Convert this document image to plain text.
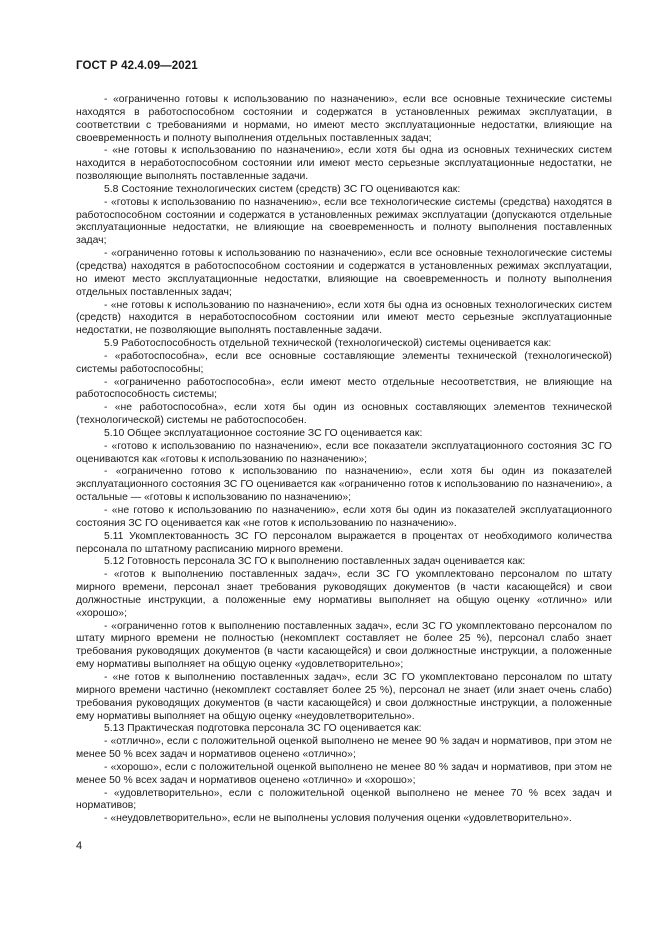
ГОСТ Р 42.4.09—2021

- «ограниченно готовы к использованию по назначению», если все основные технические системы находятся в работоспособном состоянии и содержатся в установленных режимах эксплуатации, в соответствии с требованиями и нормами, но имеют место эксплуатационные недостатки, влияющие на своевременность и полноту выполнения отдельных поставленных задач;

- «не готовы к использованию по назначению», если хотя бы одна из основных технических систем находится в неработоспособном состоянии или имеют место серьезные эксплуатационные недостатки, не позволяющие выполнять поставленные задачи.

5.8 Состояние технологических систем (средств) ЗС ГО оцениваются как:

- «готовы к использованию по назначению», если все технологические системы (средства) находятся в работоспособном состоянии и содержатся в установленных режимах эксплуатации (допускаются отдельные эксплуатационные недостатки, не влияющие на своевременность и полноту выполнения поставленных задач;

- «ограниченно готовы к использованию по назначению», если все основные технологические системы (средства) находятся в работоспособном состоянии и содержатся в установленных режимах эксплуатации, но имеют место эксплуатационные недостатки, влияющие на своевременность и полноту выполнения отдельных поставленных задач;

- «не готовы к использованию по назначению», если хотя бы одна из основных технологических систем (средств) находится в неработоспособном состоянии или имеют место серьезные эксплуатационные недостатки, не позволяющие выполнять поставленные задачи.

5.9 Работоспособность отдельной технической (технологической) системы оценивается как:

- «работоспособна», если все основные составляющие элементы технической (технологической) системы работоспособны;

- «ограниченно работоспособна», если имеют место отдельные несоответствия, не влияющие на работоспособность системы;

- «не работоспособна», если хотя бы один из основных составляющих элементов технической (технологической) системы не работоспособен.

5.10 Общее эксплуатационное состояние ЗС ГО оценивается как:

- «готово к использованию по назначению», если все показатели эксплуатационного состояния ЗС ГО оцениваются как «готовы к использованию по назначению»;

- «ограниченно готово к использованию по назначению», если хотя бы один из показателей эксплуатационного состояния ЗС ГО оценивается как «ограниченно готов к использованию по назначению», а остальные — «готовы к использованию по назначению»;

- «не готово к использованию по назначению», если хотя бы один из показателей эксплуатационного состояния ЗС ГО оценивается как «не готов к использованию по назначению».

5.11 Укомплектованность ЗС ГО персоналом выражается в процентах от необходимого количества персонала по штатному расписанию мирного времени.

5.12 Готовность персонала ЗС ГО к выполнению поставленных задач оценивается как:

- «готов к выполнению поставленных задач», если ЗС ГО укомплектовано персоналом по штату мирного времени, персонал знает требования руководящих документов (в части касающейся) и свои должностные инструкции, а положенные ему нормативы выполняет на общую оценку «отлично» или «хорошо»;

- «ограниченно готов к выполнению поставленных задач», если ЗС ГО укомплектовано персоналом по штату мирного времени не полностью (некомплект составляет не более 25 %), персонал слабо знает требования руководящих документов (в части касающейся) и свои должностные инструкции, а положенные ему нормативы выполняет на общую оценку «удовлетворительно»;

- «не готов к выполнению поставленных задач», если ЗС ГО укомплектовано персоналом по штату мирного времени частично (некомплект составляет более 25 %), персонал не знает (или знает очень слабо) требования руководящих документов (в части касающейся) и свои должностные инструкции, а положенные ему нормативы выполняет на общую оценку «неудовлетворительно».

5.13 Практическая подготовка персонала ЗС ГО оценивается как:

- «отлично», если с положительной оценкой выполнено не менее 90 % задач и нормативов, при этом не менее 50 % всех задач и нормативов оценено «отлично»;

- «хорошо», если с положительной оценкой выполнено не менее 80 % задач и нормативов, при этом не менее 50 % всех задач и нормативов оценено «отлично» и «хорошо»;

- «удовлетворительно», если с положительной оценкой выполнено не менее 70 % всех задач и нормативов;

- «неудовлетворительно», если не выполнены условия получения оценки «удовлетворительно».

4
